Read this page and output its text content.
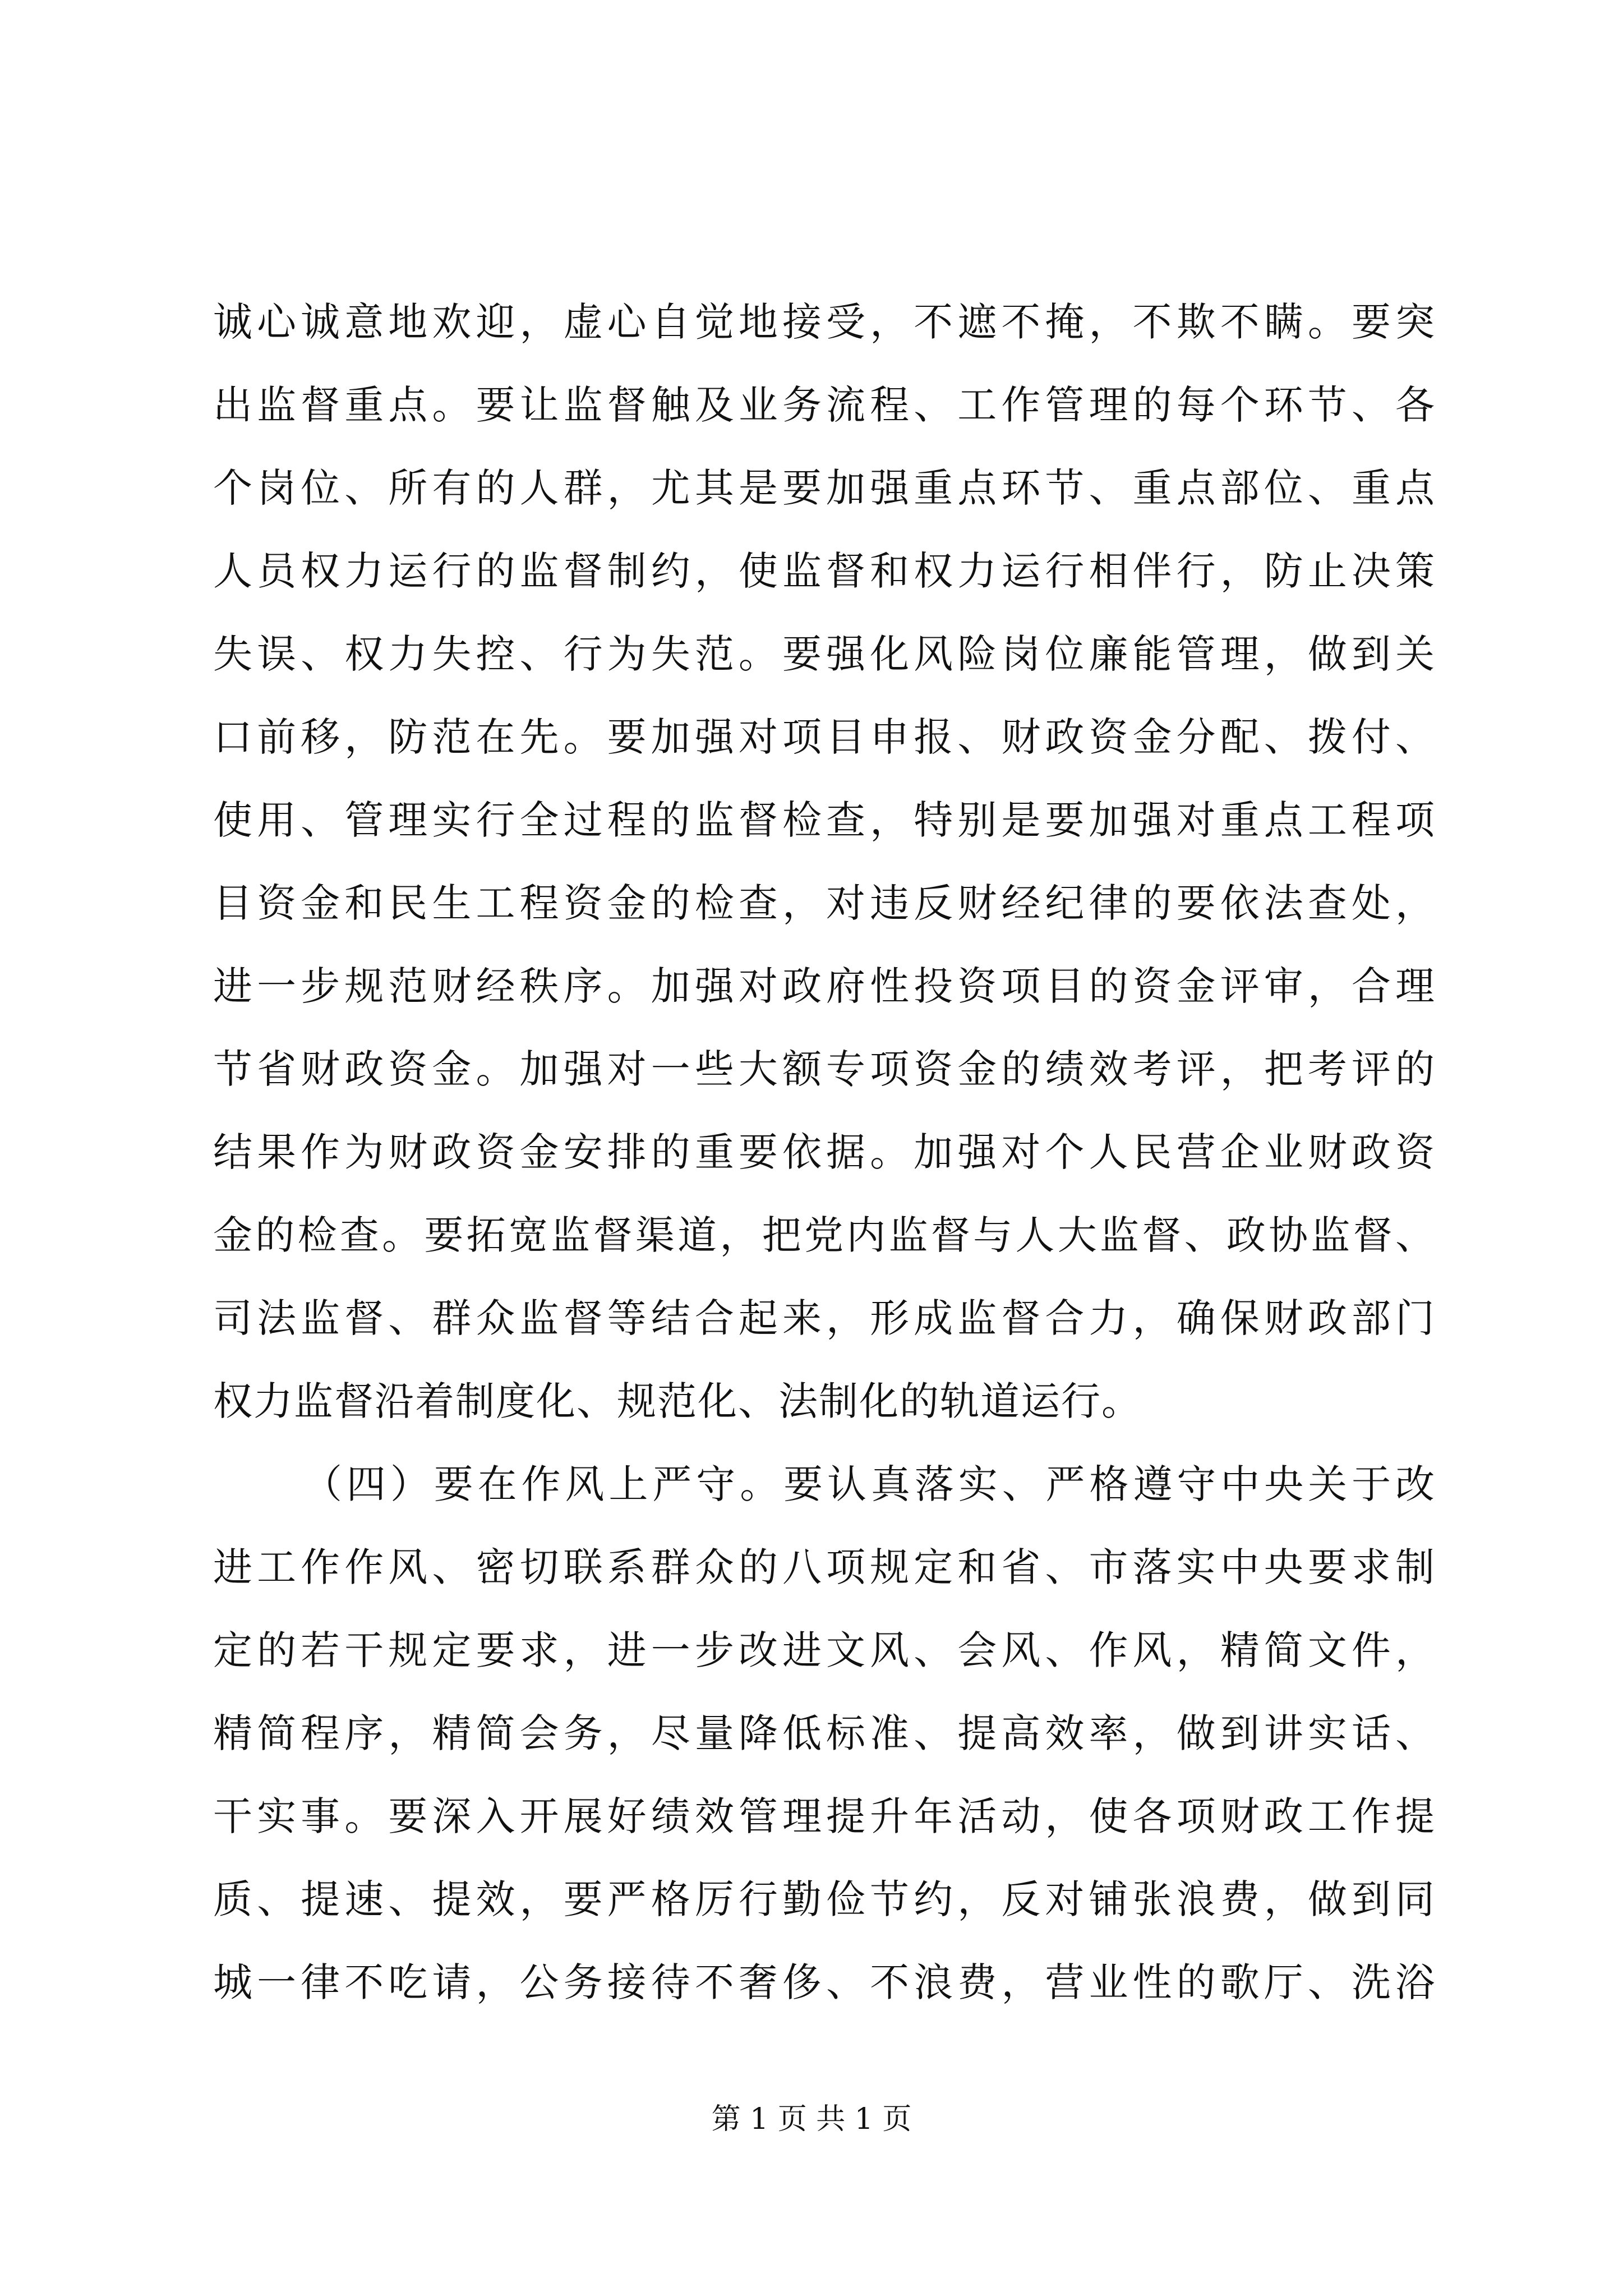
诚心诚意地欢迎，虚心自觉地接受，不遮不掩，不欺不瞒。要突
出监督重点。要让监督触及业务流程、工作管理的每个环节、各
个岗位、所有的人群，尤其是要加强重点环节、重点部位、重点
人员权力运行的监督制约，使监督和权力运行相伴行，防止决策
失误、权力失控、行为失范。要强化风险岗位廉能管理，做到关
口前移，防范在先。要加强对项目申报、财政资金分配、拨付、
使用、管理实行全过程的监督检查，特别是要加强对重点工程项
目资金和民生工程资金的检查，对违反财经纪律的要依法查处，
进一步规范财经秩序。加强对政府性投资项目的资金评审，合理
节省财政资金。加强对一些大额专项资金的绩效考评，把考评的
结果作为财政资金安排的重要依据。加强对个人民营企业财政资
金的检查。要拓宽监督渠道，把党内监督与人大监督、政协监督、
司法监督、群众监督等结合起来，形成监督合力，确保财政部门
权力监督沿着制度化、规范化、法制化的轨道运行。
（四）要在作风上严守。要认真落实、严格遵守中央关于改
进工作作风、密切联系群众的八项规定和省、市落实中央要求制
定的若干规定要求，进一步改进文风、会风、作风，精简文件，
精简程序，精简会务，尽量降低标准、提高效率，做到讲实话、
干实事。要深入开展好绩效管理提升年活动，使各项财政工作提
质、提速、提效，要严格厉行勤俭节约，反对铺张浪费，做到同
城一律不吃请，公务接待不奢侈、不浪费，营业性的歌厅、洗浴
第 1 页 共 1 页
